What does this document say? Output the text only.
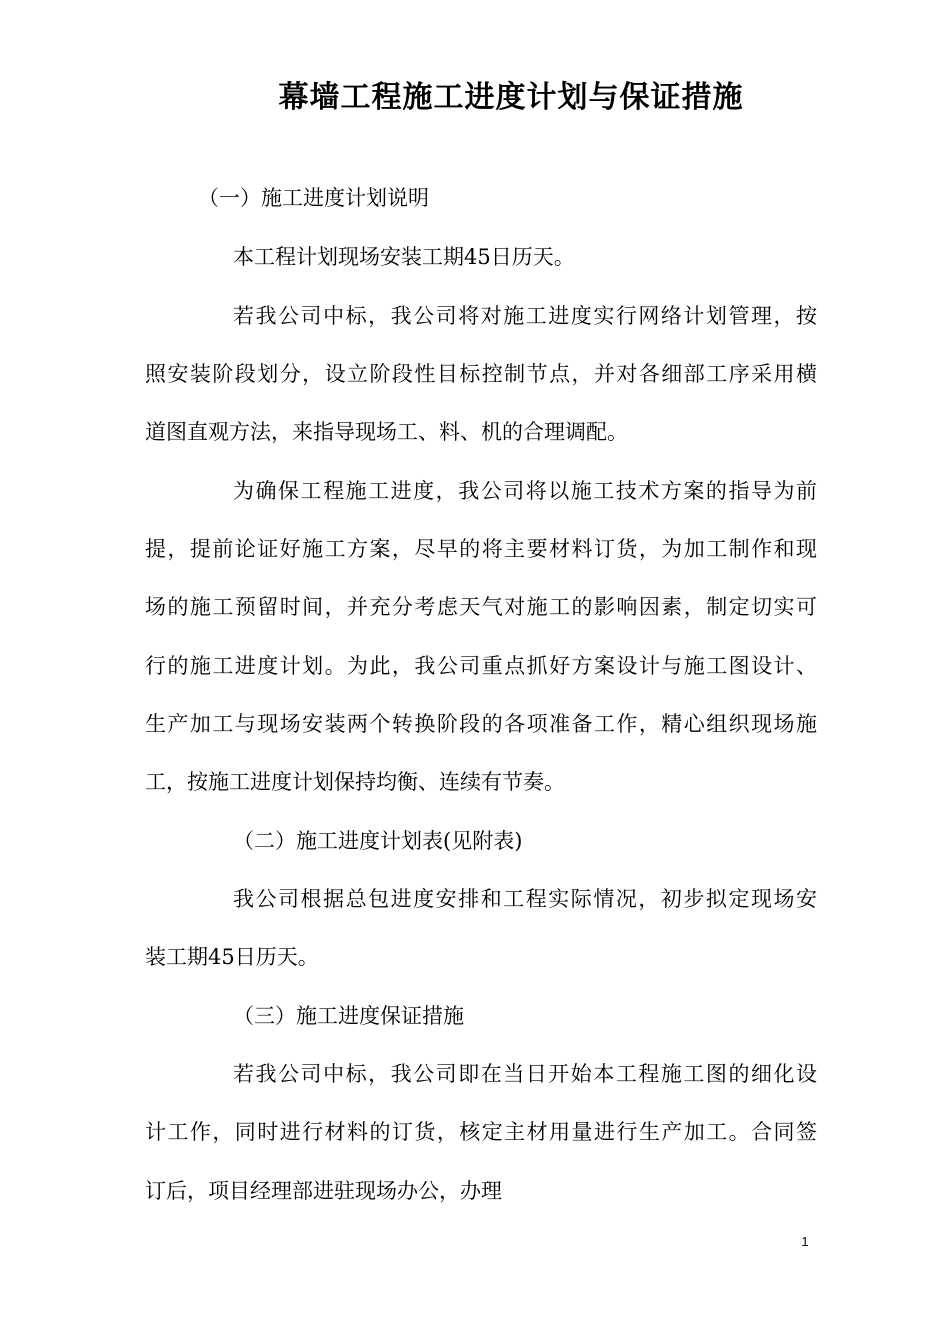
幕墙工程施工进度计划与保证措施
（一）施工进度计划说明
本工程计划现场安装工期45日历天。
若我公司中标，我公司将对施工进度实行网络计划管理，按
照安装阶段划分，设立阶段性目标控制节点，并对各细部工序采用横
道图直观方法，来指导现场工、料、机的合理调配。
为确保工程施工进度，我公司将以施工技术方案的指导为前
提，提前论证好施工方案，尽早的将主要材料订货，为加工制作和现
场的施工预留时间，并充分考虑天气对施工的影响因素，制定切实可
行的施工进度计划。为此，我公司重点抓好方案设计与施工图设计、
生产加工与现场安装两个转换阶段的各项准备工作，精心组织现场施
工，按施工进度计划保持均衡、连续有节奏。
（二）施工进度计划表(见附表)
我公司根据总包进度安排和工程实际情况，初步拟定现场安
装工期45日历天。
（三）施工进度保证措施
若我公司中标，我公司即在当日开始本工程施工图的细化设
计工作，同时进行材料的订货，核定主材用量进行生产加工。合同签
订后，项目经理部进驻现场办公，办理
1
